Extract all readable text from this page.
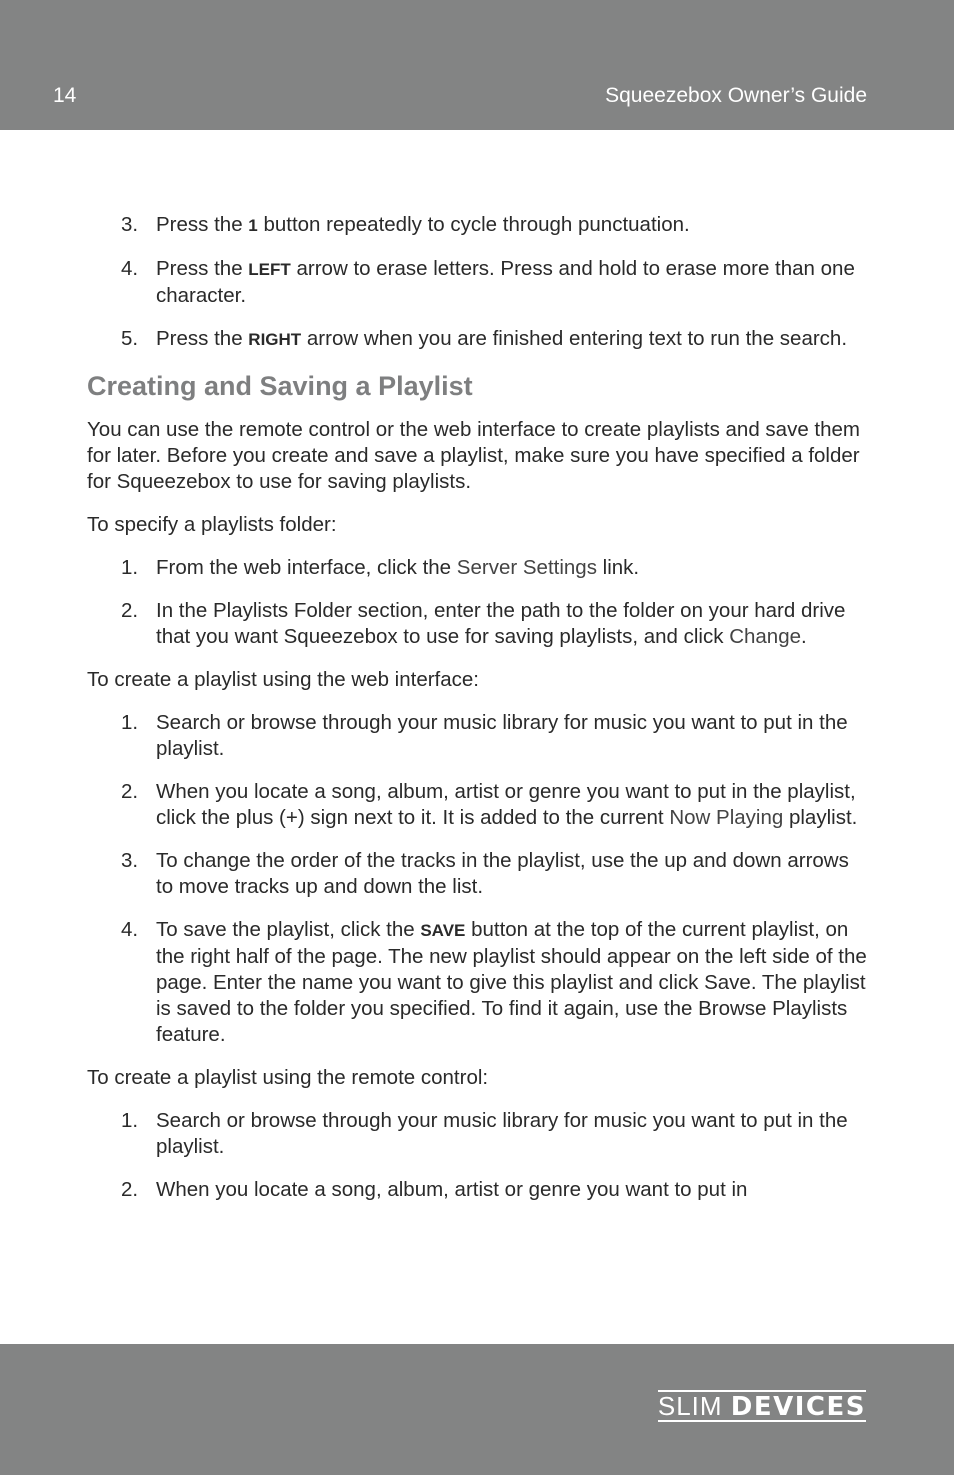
14	Squeezebox Owner’s Guide
3. Press the 1 button repeatedly to cycle through punctuation.
4. Press the LEFT arrow to erase letters. Press and hold to erase more than one character.
5. Press the RIGHT arrow when you are finished entering text to run the search.
Creating and Saving a Playlist

You can use the remote control or the web interface to create playlists and save them for later. Before you create and save a playlist, make sure you have specified a folder for Squeezebox to use for saving playlists.

To specify a playlists folder:

1. From the web interface, click the Server Settings link.
2. In the Playlists Folder section, enter the path to the folder on your hard drive that you want Squeezebox to use for saving playlists, and click Change.

To create a playlist using the web interface:

1. Search or browse through your music library for music you want to put in the playlist.
2. When you locate a song, album, artist or genre you want to put in the playlist, click the plus (+) sign next to it. It is added to the current Now Playing playlist.
3. To change the order of the tracks in the playlist, use the up and down arrows to move tracks up and down the list.
4. To save the playlist, click the SAVE button at the top of the current playlist, on the right half of the page. The new playlist should appear on the left side of the page. Enter the name you want to give this playlist and click Save. The playlist is saved to the folder you specified. To find it again, use the Browse Playlists feature.

To create a playlist using the remote control:

1. Search or browse through your music library for music you want to put in the playlist.
2. When you locate a song, album, artist or genre you want to put in
SLIM DEVICES
